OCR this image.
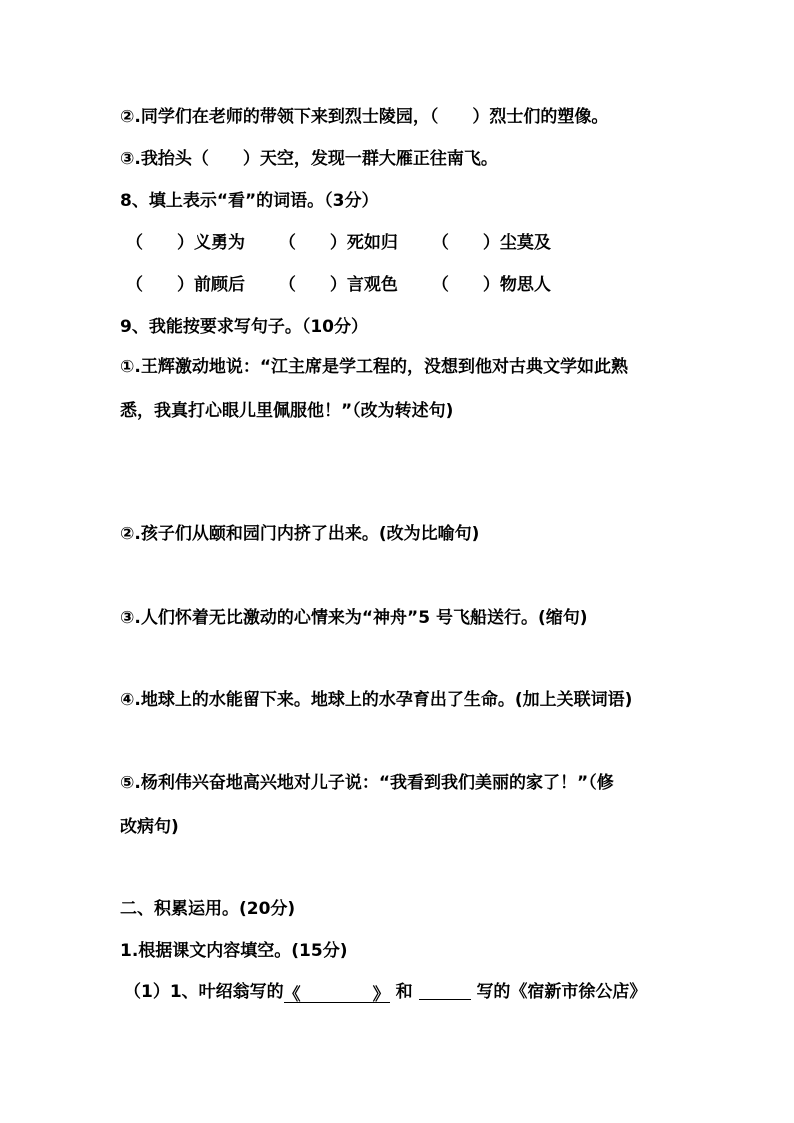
②.同学们在老师的带领下来到烈士陵园，（　　）烈士们的塑像。
③.我抬头（　　）天空，发现一群大雁正往南飞。
8、填上表示“看”的词语。（3分）
（　　）义勇为 （　　）死如归 （　　）尘莫及
（　　）前顾后 （　　）言观色 （　　）物思人
9、我能按要求写句子。（10分）
①.王辉激动地说：“江主席是学工程的，没想到他对古典文学如此熟
悉，我真打心眼儿里佩服他！”（改为转述句)
②.孩子们从颐和园门内挤了出来。(改为比喻句)
③.人们怀着无比激动的心情来为“神舟”5 号飞船送行。(缩句)
④.地球上的水能留下来。地球上的水孕育出了生命。(加上关联词语)
⑤.杨利伟兴奋地高兴地对儿子说：“我看到我们美丽的家了！”（修
改病句)
二、积累运用。(20分)
1.根据课文内容填空。(15分)
（1）1、叶绍翁写的《	》 和	写的《宿新市徐公店》
